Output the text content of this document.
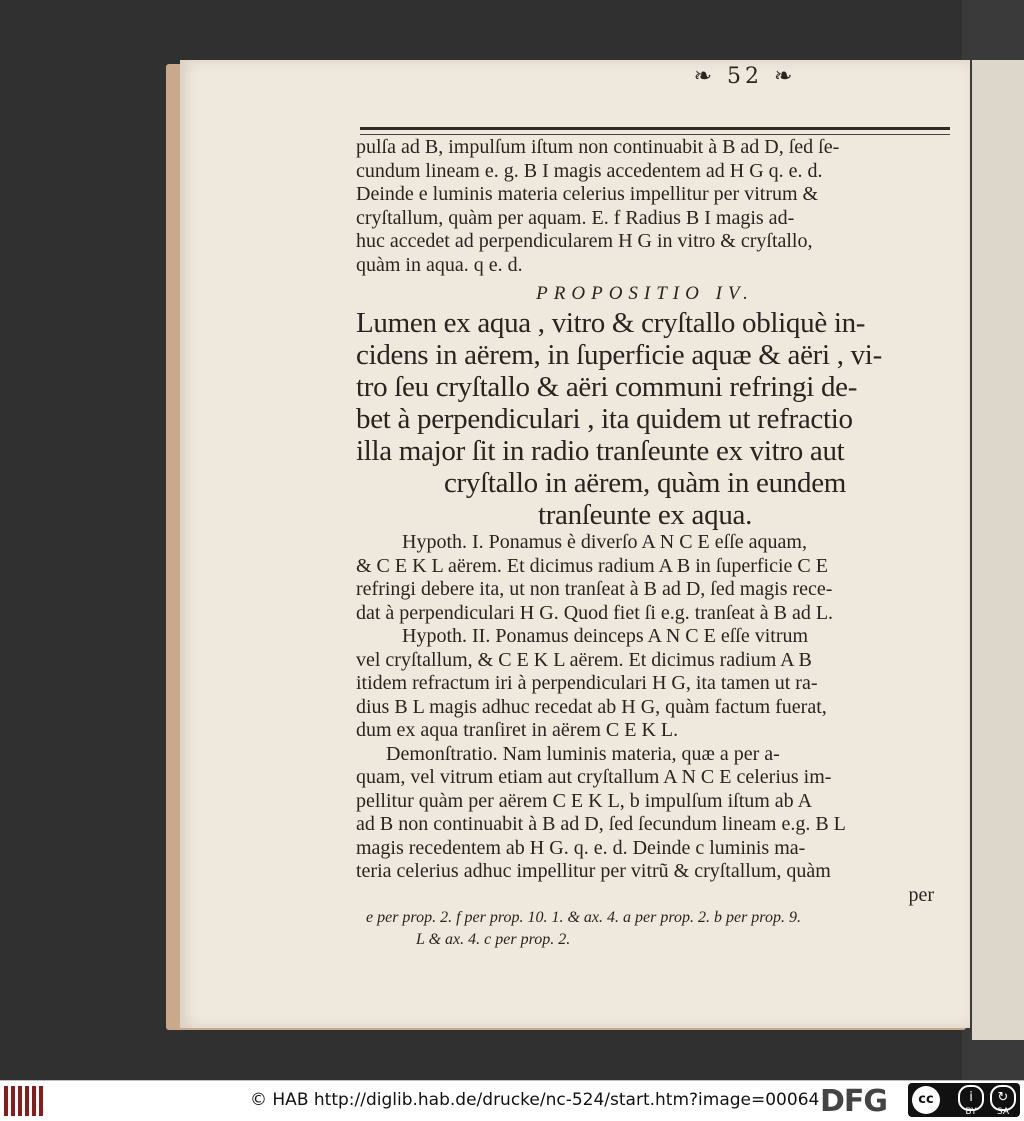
❧ 52 ❧
pulſa ad B, impulſum iſtum non continuabit à B ad D, ſed ſe-
cundum lineam e. g. B I magis accedentem ad H G q. e. d.
Deinde e luminis materia celerius impellitur per vitrum &
cryſtallum, quàm per aquam. E. f Radius B I magis ad-
huc accedet ad perpendicularem H G in vitro & cryſtallo,
quàm in aqua. q e. d.
PROPOSITIO IV.
Lumen ex aqua , vitro & cryſtallo obliquè in-
cidens in aërem, in ſuperficie aquæ & aëri , vi-
tro ſeu cryſtallo & aëri communi refringi de-
bet à perpendiculari , ita quidem ut refractio
illa major ſit in radio tranſeunte ex vitro aut
cryſtallo in aërem, quàm in eundem
tranſeunte ex aqua.
Hypoth. I. Ponamus è diverſo A N C E eſſe aquam,
& C E K L aërem. Et dicimus radium A B in ſuperficie C E
refringi debere ita, ut non tranſeat à B ad D, ſed magis rece-
dat à perpendiculari H G. Quod fiet ſi e.g. tranſeat à B ad L.
Hypoth. II. Ponamus deinceps A N C E eſſe vitrum
vel cryſtallum, & C E K L aërem. Et dicimus radium A B
itidem refractum iri à perpendiculari H G, ita tamen ut ra-
dius B L magis adhuc recedat ab H G, quàm factum fuerat,
dum ex aqua tranſiret in aërem C E K L.
Demonſtratio. Nam luminis materia, quæ a per a-
quam, vel vitrum etiam aut cryſtallum A N C E celerius im-
pellitur quàm per aërem C E K L, b impulſum iſtum ab A
ad B non continuabit à B ad D, ſed ſecundum lineam e.g. B L
magis recedentem ab H G. q. e. d. Deinde c luminis ma-
teria celerius adhuc impellitur per vitrũ & cryſtallum, quàm
per
e per prop. 2. f per prop. 10. 1. & ax. 4. a per prop. 2. b per prop. 9.
L & ax. 4. c per prop. 2.
© HAB http://diglib.hab.de/drucke/nc-524/start.htm?image=00064 DFG	cc	i	↻
BY	SA
